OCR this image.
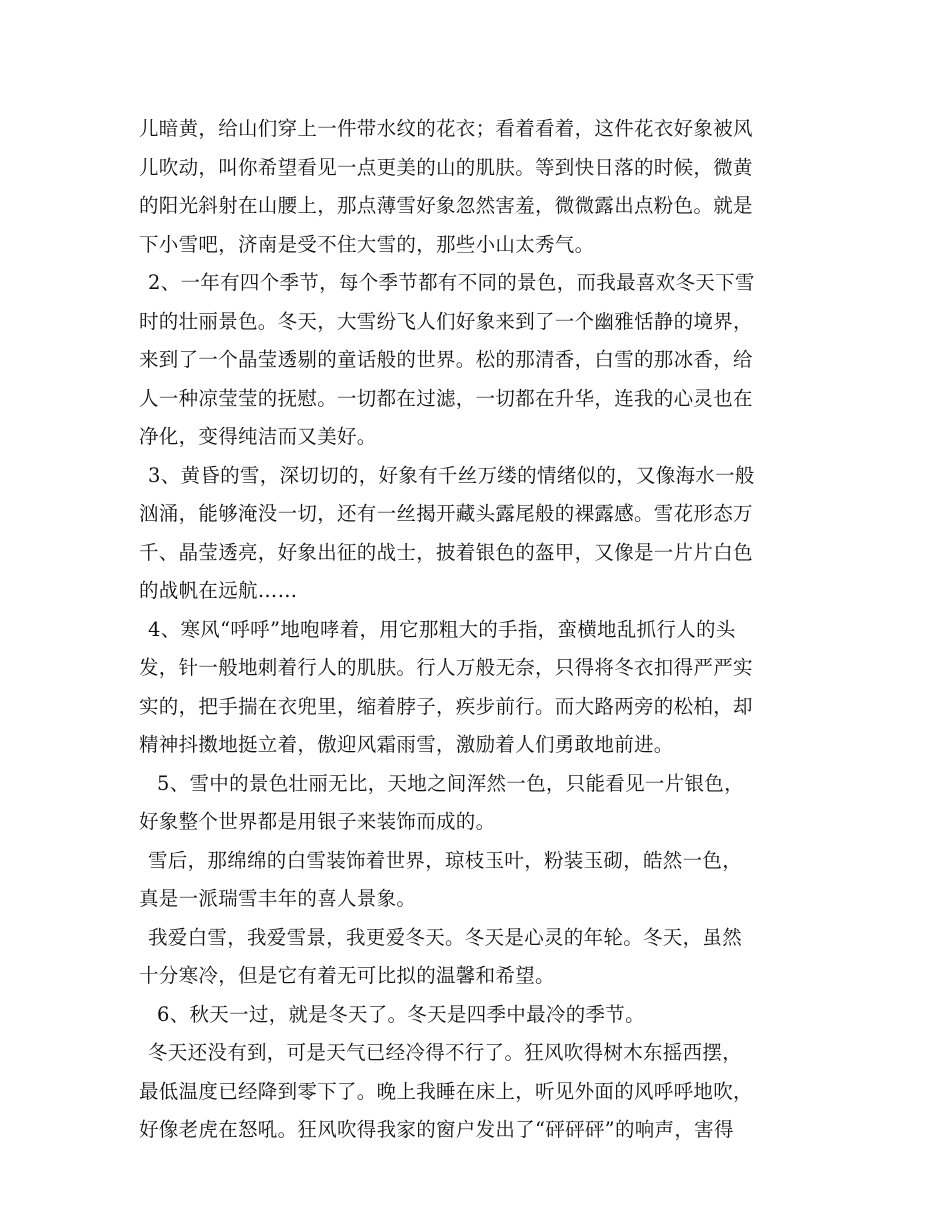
儿暗黄，给山们穿上一件带水纹的花衣；看着看着，这件花衣好象被风
儿吹动，叫你希望看见一点更美的山的肌肤。等到快日落的时候，微黄
的阳光斜射在山腰上，那点薄雪好象忽然害羞，微微露出点粉色。就是
下小雪吧，济南是受不住大雪的，那些小山太秀气。
2、一年有四个季节，每个季节都有不同的景色，而我最喜欢冬天下雪
时的壮丽景色。冬天，大雪纷飞人们好象来到了一个幽雅恬静的境界，
来到了一个晶莹透剔的童话般的世界。松的那清香，白雪的那冰香，给
人一种凉莹莹的抚慰。一切都在过滤，一切都在升华，连我的心灵也在
净化，变得纯洁而又美好。
3、黄昏的雪，深切切的，好象有千丝万缕的情绪似的，又像海水一般
汹涌，能够淹没一切，还有一丝揭开藏头露尾般的裸露感。雪花形态万
千、晶莹透亮，好象出征的战士，披着银色的盔甲，又像是一片片白色
的战帆在远航……
4、寒风“呼呼”地咆哮着，用它那粗大的手指，蛮横地乱抓行人的头
发，针一般地刺着行人的肌肤。行人万般无奈，只得将冬衣扣得严严实
实的，把手揣在衣兜里，缩着脖子，疾步前行。而大路两旁的松柏，却
精神抖擞地挺立着，傲迎风霜雨雪，激励着人们勇敢地前进。
5、雪中的景色壮丽无比，天地之间浑然一色，只能看见一片银色，
好象整个世界都是用银子来装饰而成的。
雪后，那绵绵的白雪装饰着世界，琼枝玉叶，粉装玉砌，皓然一色，
真是一派瑞雪丰年的喜人景象。
我爱白雪，我爱雪景，我更爱冬天。冬天是心灵的年轮。冬天，虽然
十分寒冷，但是它有着无可比拟的温馨和希望。
6、秋天一过，就是冬天了。冬天是四季中最冷的季节。
冬天还没有到，可是天气已经冷得不行了。狂风吹得树木东摇西摆，
最低温度已经降到零下了。晚上我睡在床上，听见外面的风呼呼地吹，
好像老虎在怒吼。狂风吹得我家的窗户发出了“砰砰砰”的响声，害得
